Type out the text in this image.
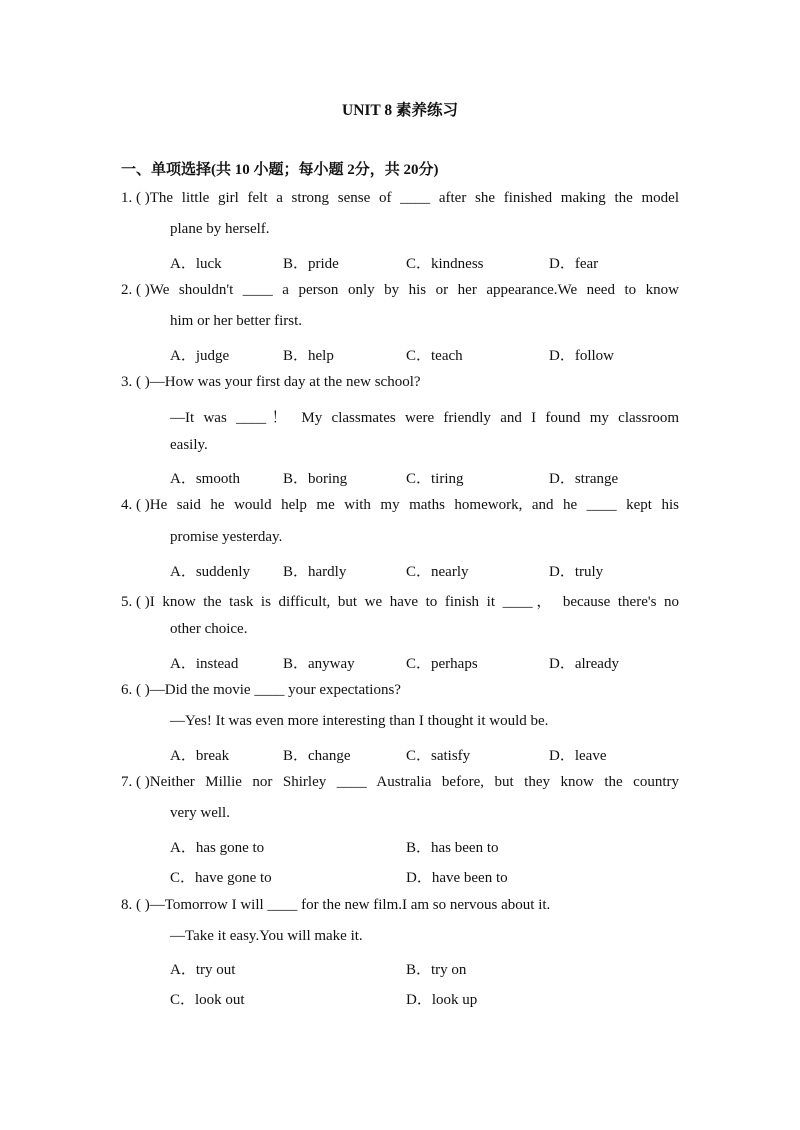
UNIT 8 素养练习
一、单项选择(共 10 小题；每小题 2分，共 20分)
1. ( )The little girl felt a strong sense of ____ after she finished making the model
plane by herself.
A．luck	B．pride	C．kindness	D．fear
2. ( )We shouldn't ____ a person only by his or her appearance.We need to know
him or her better first.
A．judge	B．help	C．teach	D．follow
3. ( )—How was your first day at the new school?
—It was ____！ My classmates were friendly and I found my classroom
easily.
A．smooth	B．boring	C．tiring	D．strange
4. ( )He said he would help me with my maths homework, and he ____ kept his
promise yesterday.
A．suddenly B．hardly	C．nearly	D．truly
5. ( )I know the task is difficult, but we have to finish it ____， because there's no
other choice.
A．instead	B．anyway	C．perhaps	D．already
6. ( )—Did the movie ____ your expectations?
—Yes! It was even more interesting than I thought it would be.
A．break	B．change	C．satisfy	D．leave
7. ( )Neither Millie nor Shirley ____ Australia before, but they know the country
very well.
A．has gone to	B．has been to
C．have gone to	D．have been to
8. ( )—Tomorrow I will ____ for the new film.I am so nervous about it.
—Take it easy.You will make it.
A．try out	B．try on
C．look out	D．look up
